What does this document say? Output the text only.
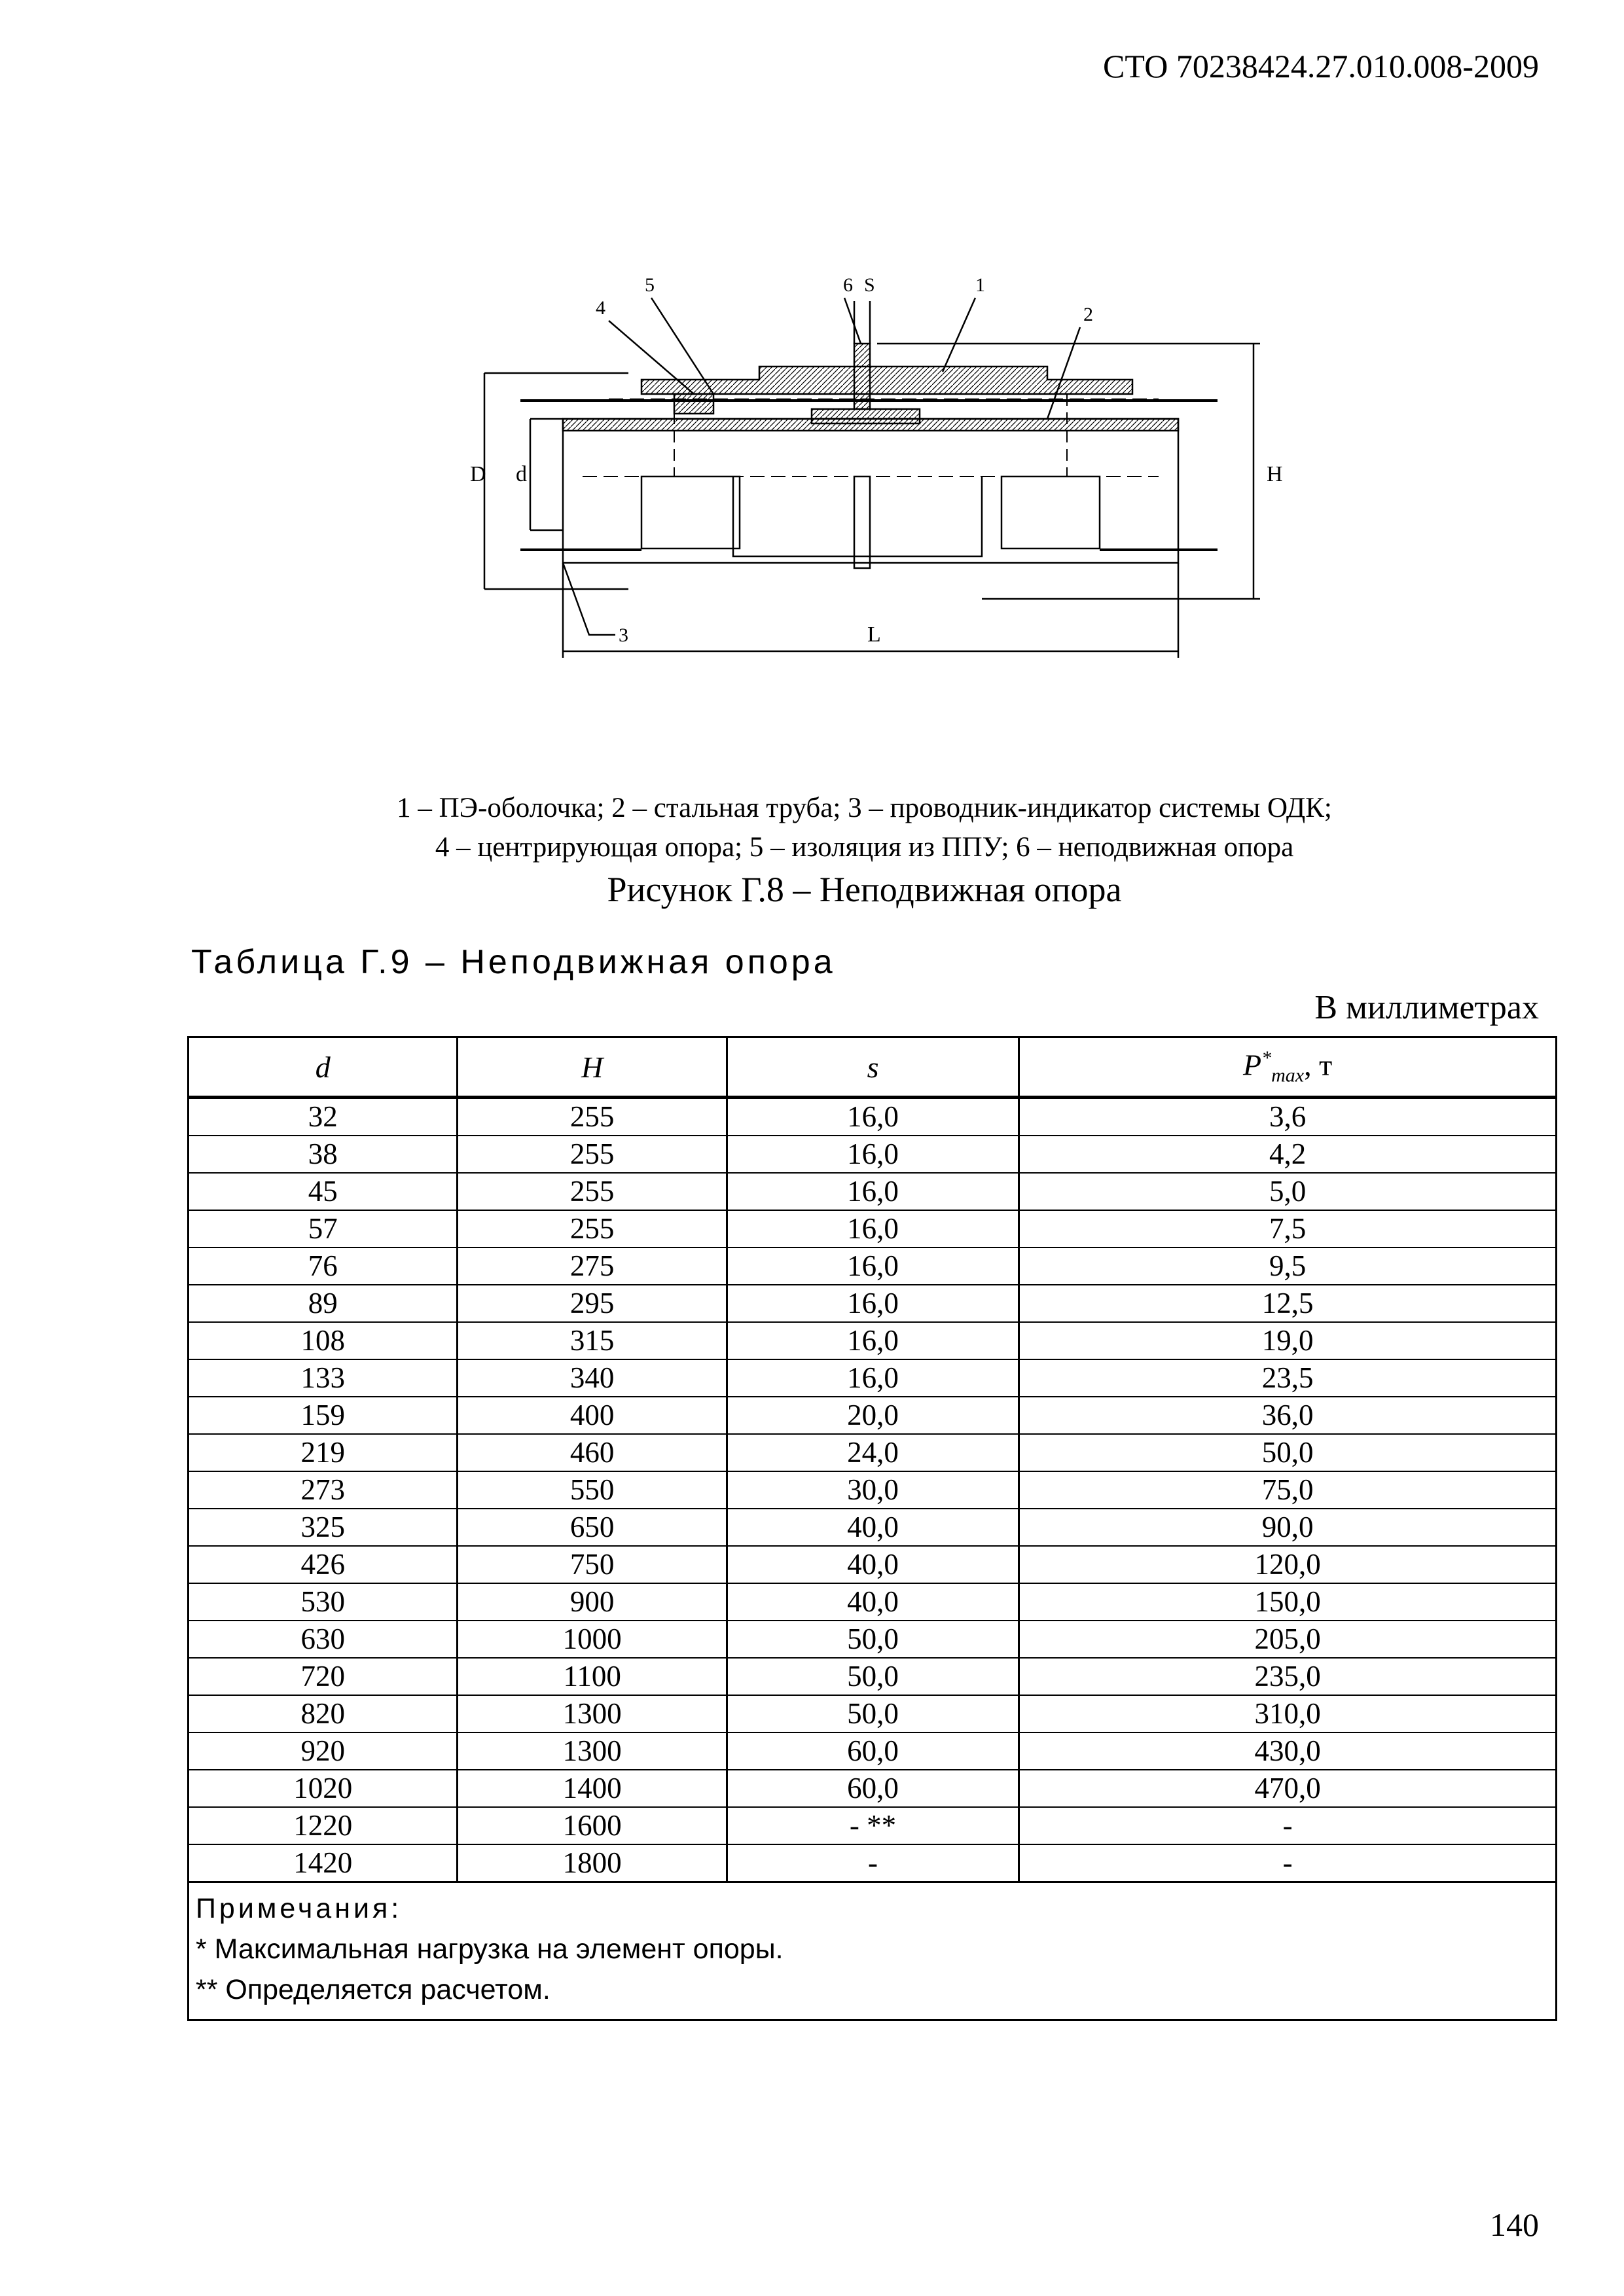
СТО 70238424.27.010.008-2009
5	6 S	1
4	2
D d	H
3	L
1 – ПЭ-оболочка; 2 – стальная труба; 3 – проводник-индикатор системы ОДК;
4 – центрирующая опора; 5 – изоляция из ППУ; 6 – неподвижная опора
Рисунок Г.8 – Неподвижная опора
Таблица Г.9 – Неподвижная опора
В миллиметрах
d	H	s	$P^*_{max}$, т
32	255	16,0	3,6
38	255	16,0	4,2
45	255	16,0	5,0
57	255	16,0	7,5
76	275	16,0	9,5
89	295	16,0	12,5
108	315	16,0	19,0
133	340	16,0	23,5
159	400	20,0	36,0
219	460	24,0	50,0
273	550	30,0	75,0
325	650	40,0	90,0
426	750	40,0	120,0
530	900	40,0	150,0
630	1000	50,0	205,0
720	1100	50,0	235,0
820	1300	50,0	310,0
920	1300	60,0	430,0
1020	1400	60,0	470,0
1220	1600	- **	-
1420	1800	-	-

Примечания:
* Максимальная нагрузка на элемент опоры.
** Определяется расчетом.			
140
